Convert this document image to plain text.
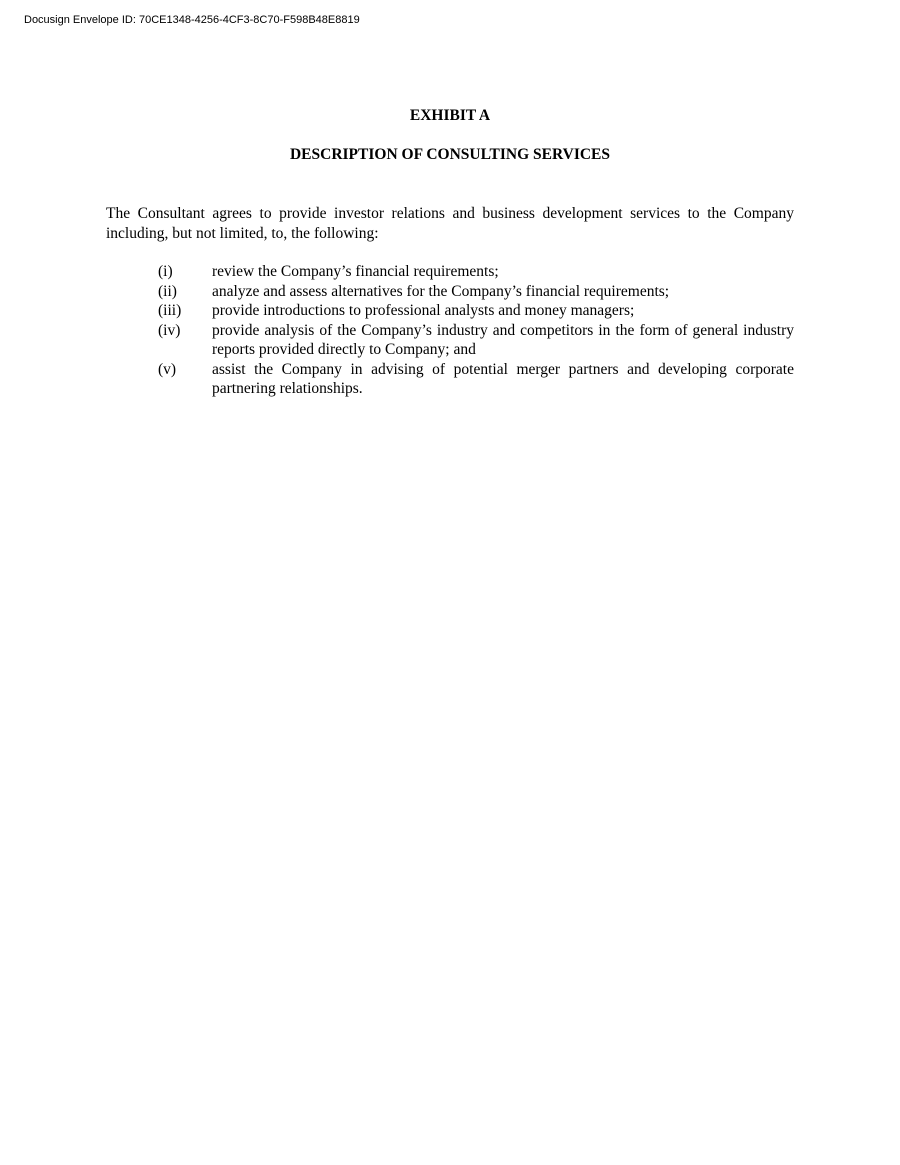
Docusign Envelope ID: 70CE1348-4256-4CF3-8C70-F598B48E8819
EXHIBIT A
DESCRIPTION OF CONSULTING SERVICES

The Consultant agrees to provide investor relations and business development services to the Company including, but not limited, to, the following:

(i)	review the Company’s financial requirements;
(ii)	analyze and assess alternatives for the Company’s financial requirements;
(iii)	provide introductions to professional analysts and money managers;
(iv)	provide analysis of the Company’s industry and competitors in the form of general industry reports provided directly to Company; and
(v)	assist the Company in advising of potential merger partners and developing corporate partnering relationships.
